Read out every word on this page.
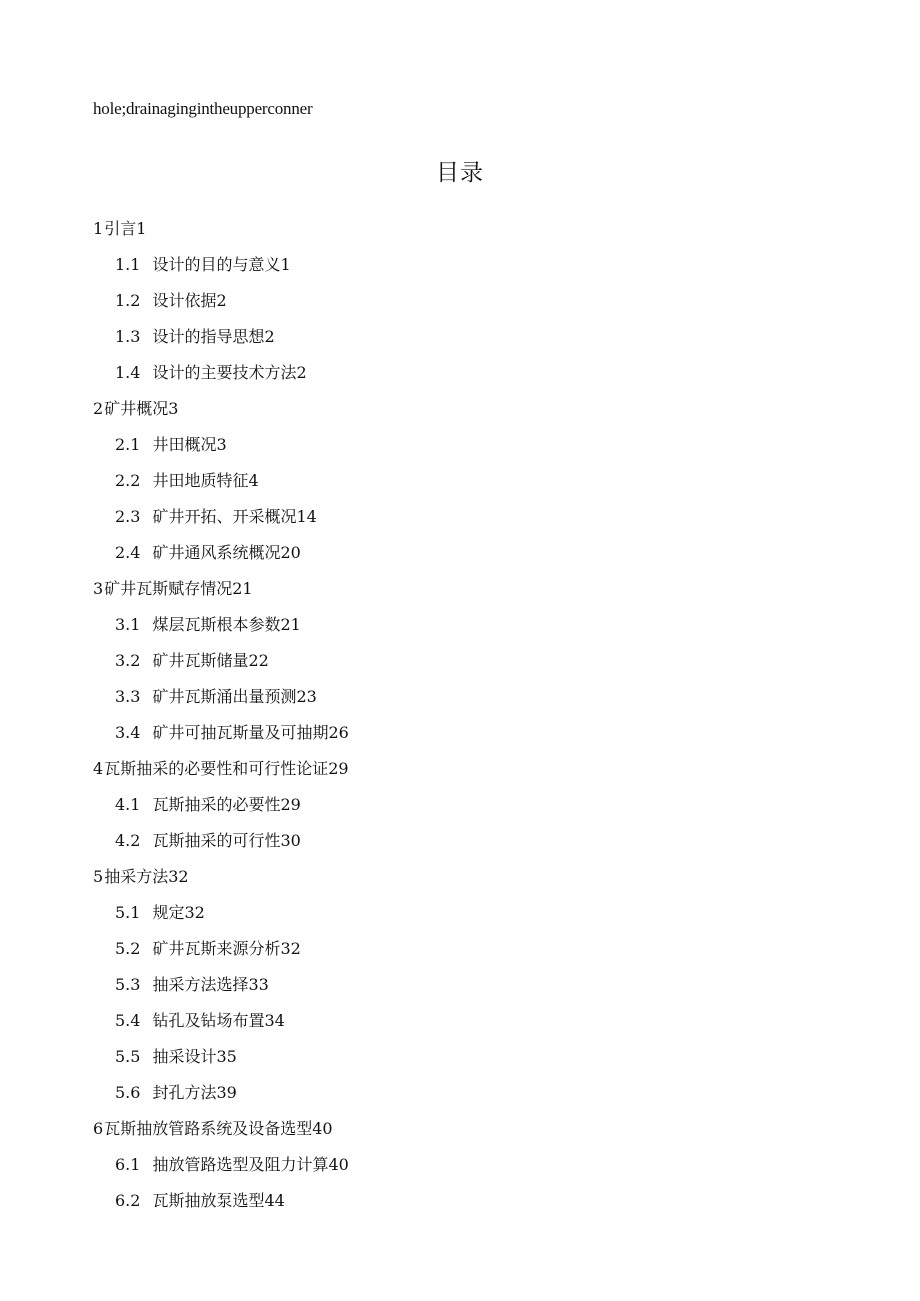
hole;drainagingintheupperconner
目录
1引言1
1.1 设计的目的与意义1
1.2 设计依据2
1.3 设计的指导思想2
1.4 设计的主要技术方法2
2矿井概况3
2.1 井田概况3
2.2 井田地质特征4
2.3 矿井开拓、开采概况14
2.4 矿井通风系统概况20
3矿井瓦斯赋存情况21
3.1 煤层瓦斯根本参数21
3.2 矿井瓦斯储量22
3.3 矿井瓦斯涌出量预测23
3.4 矿井可抽瓦斯量及可抽期26
4瓦斯抽采的必要性和可行性论证29
4.1 瓦斯抽采的必要性29
4.2 瓦斯抽采的可行性30
5抽采方法32
5.1 规定32
5.2 矿井瓦斯来源分析32
5.3 抽采方法选择33
5.4 钻孔及钻场布置34
5.5 抽采设计35
5.6 封孔方法39
6瓦斯抽放管路系统及设备选型40
6.1 抽放管路选型及阻力计算40
6.2 瓦斯抽放泵选型44
